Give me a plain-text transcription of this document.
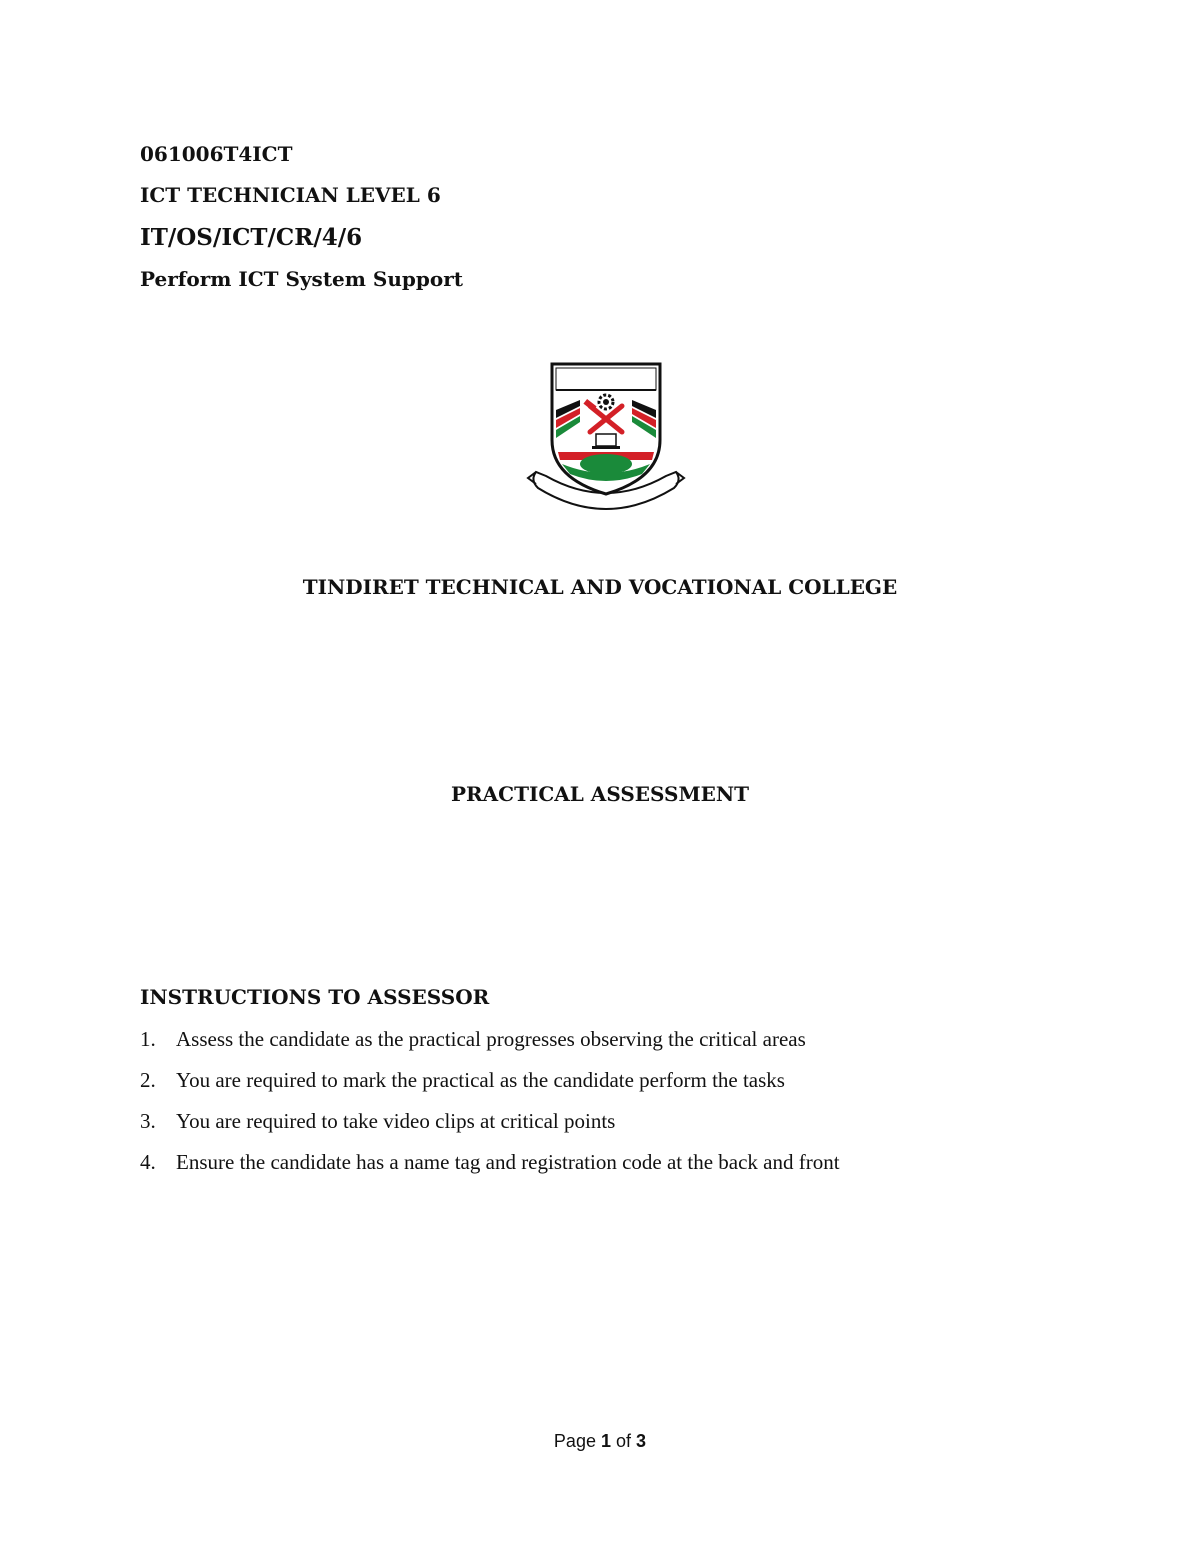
061006T4ICT
ICT TECHNICIAN LEVEL 6
IT/OS/ICT/CR/4/6
Perform ICT System Support
TINDIRET TECHNICAL AND VOCATIONAL COLLEGE
PRACTICAL ASSESSMENT
INSTRUCTIONS TO ASSESSOR
1. Assess the candidate as the practical progresses observing the critical areas
2. You are required to mark the practical as the candidate perform the tasks
3. You are required to take video clips at critical points
4. Ensure the candidate has a name tag and registration code at the back and front
Page 1 of 3
